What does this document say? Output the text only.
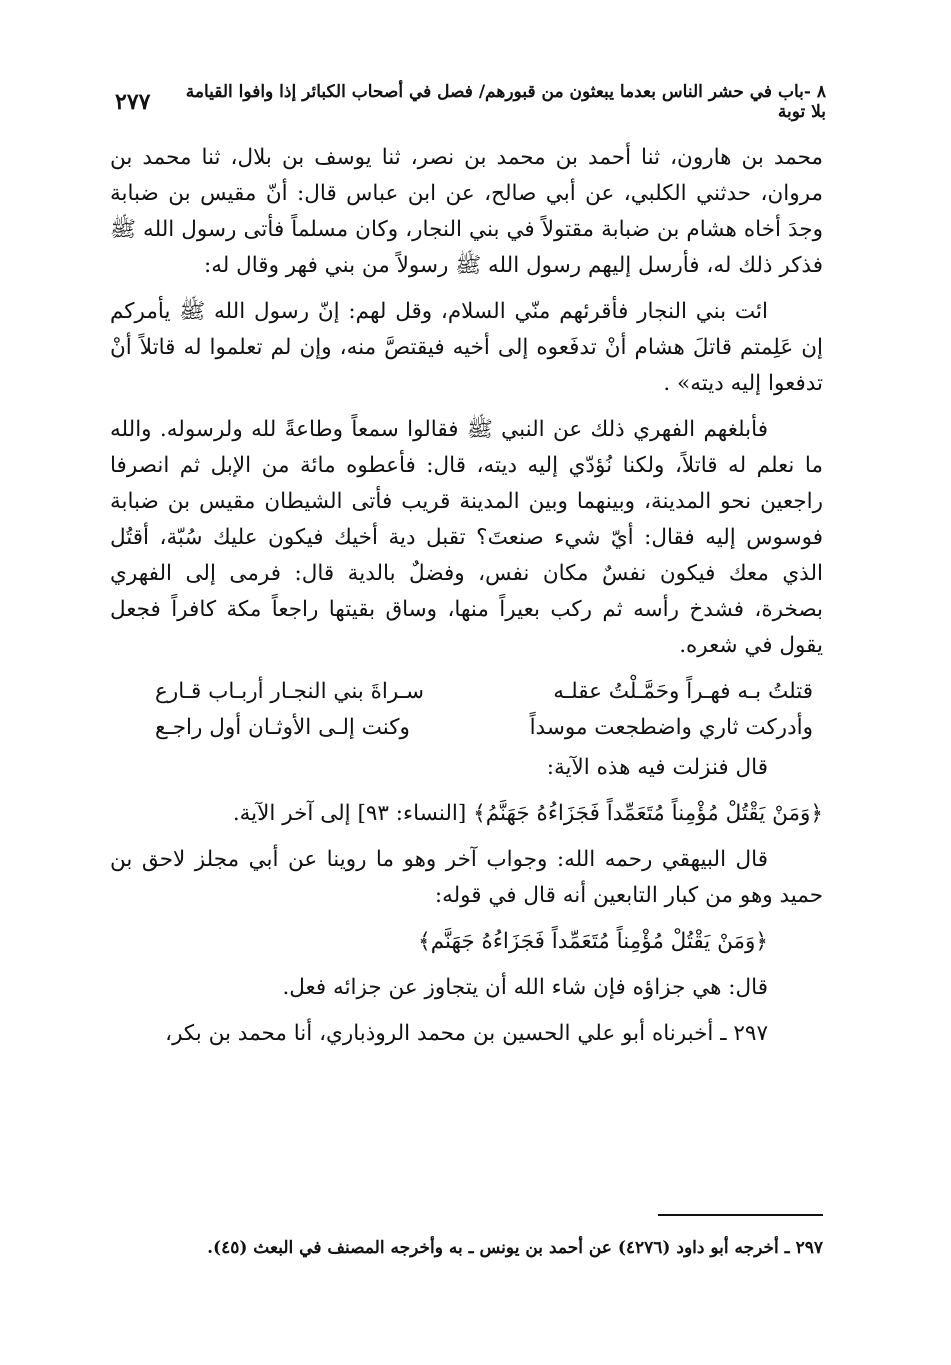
٨ -باب في حشر الناس بعدما يبعثون من قبورهم/ فصل في أصحاب الكبائر إذا وافوا القيامة بلا توبة
٢٧٧

محمد بن هارون، ثنا أحمد بن محمد بن نصر، ثنا يوسف بن بلال، ثنا محمد بن مروان، حدثني الكلبي، عن أبي صالح، عن ابن عباس قال: أنّ مقيس بن ضبابة وجدَ أخاه هشام بن ضبابة مقتولاً في بني النجار، وكان مسلماً فأتى رسول الله ﷺ فذكر ذلك له، فأرسل إليهم رسول الله ﷺ رسولاً من بني فهر وقال له:

ائت بني النجار فأقرئهم منّي السلام، وقل لهم: إنّ رسول الله ﷺ يأمركم إن عَلِمتم قاتلَ هشام أنْ تدفَعوه إلى أخيه فيقتصَّ منه، وإن لم تعلموا له قاتلاً أنْ تدفعوا إليه ديته» .

فأبلغهم الفهري ذلك عن النبي ﷺ فقالوا سمعاً وطاعةً لله ولرسوله. والله ما نعلم له قاتلاً، ولكنا نُؤدّي إليه ديته، قال: فأعطوه مائة من الإبل ثم انصرفا راجعين نحو المدينة، وبينهما وبين المدينة قريب فأتى الشيطان مقيس بن ضبابة فوسوس إليه فقال: أيّ شيء صنعتَ؟ تقبل دية أخيك فيكون عليك سُبّة، أقتُل الذي معك فيكون نفسٌ مكان نفس، وفضلٌ بالدية قال: فرمى إلى الفهري بصخرة، فشدخ رأسه ثم ركب بعيراً منها، وساق بقيتها راجعاً مكة كافراً فجعل يقول في شعره.

قتلتُ بـه فهـراً وحَمَّـلْتُ عقلـه
سـراةَ بني النجـار أربـاب قـارع
وأدركت ثاري واضطجعت موسداً
وكنت إلـى الأوثـان أول راجـع

قال فنزلت فيه هذه الآية:

﴿وَمَنْ يَقْتُلْ مُؤْمِناً مُتَعَمِّداً فَجَزَاءُهُ جَهَنَّمُ﴾ [النساء: ٩٣] إلى آخر الآية.

قال البيهقي رحمه الله: وجواب آخر وهو ما روينا عن أبي مجلز لاحق بن حميد وهو من كبار التابعين أنه قال في قوله:

﴿وَمَنْ يَقْتُلْ مُؤْمِناً مُتَعَمِّداً فَجَزَاءُهُ جَهَنَّم﴾

قال: هي جزاؤه فإن شاء الله أن يتجاوز عن جزائه فعل.

٢٩٧ ـ أخبرناه أبو علي الحسين بن محمد الروذباري، أنا محمد بن بكر،

٢٩٧ ـ أخرجه أبو داود (٤٢٧٦) عن أحمد بن يونس ـ به وأخرجه المصنف في البعث (٤٥).
